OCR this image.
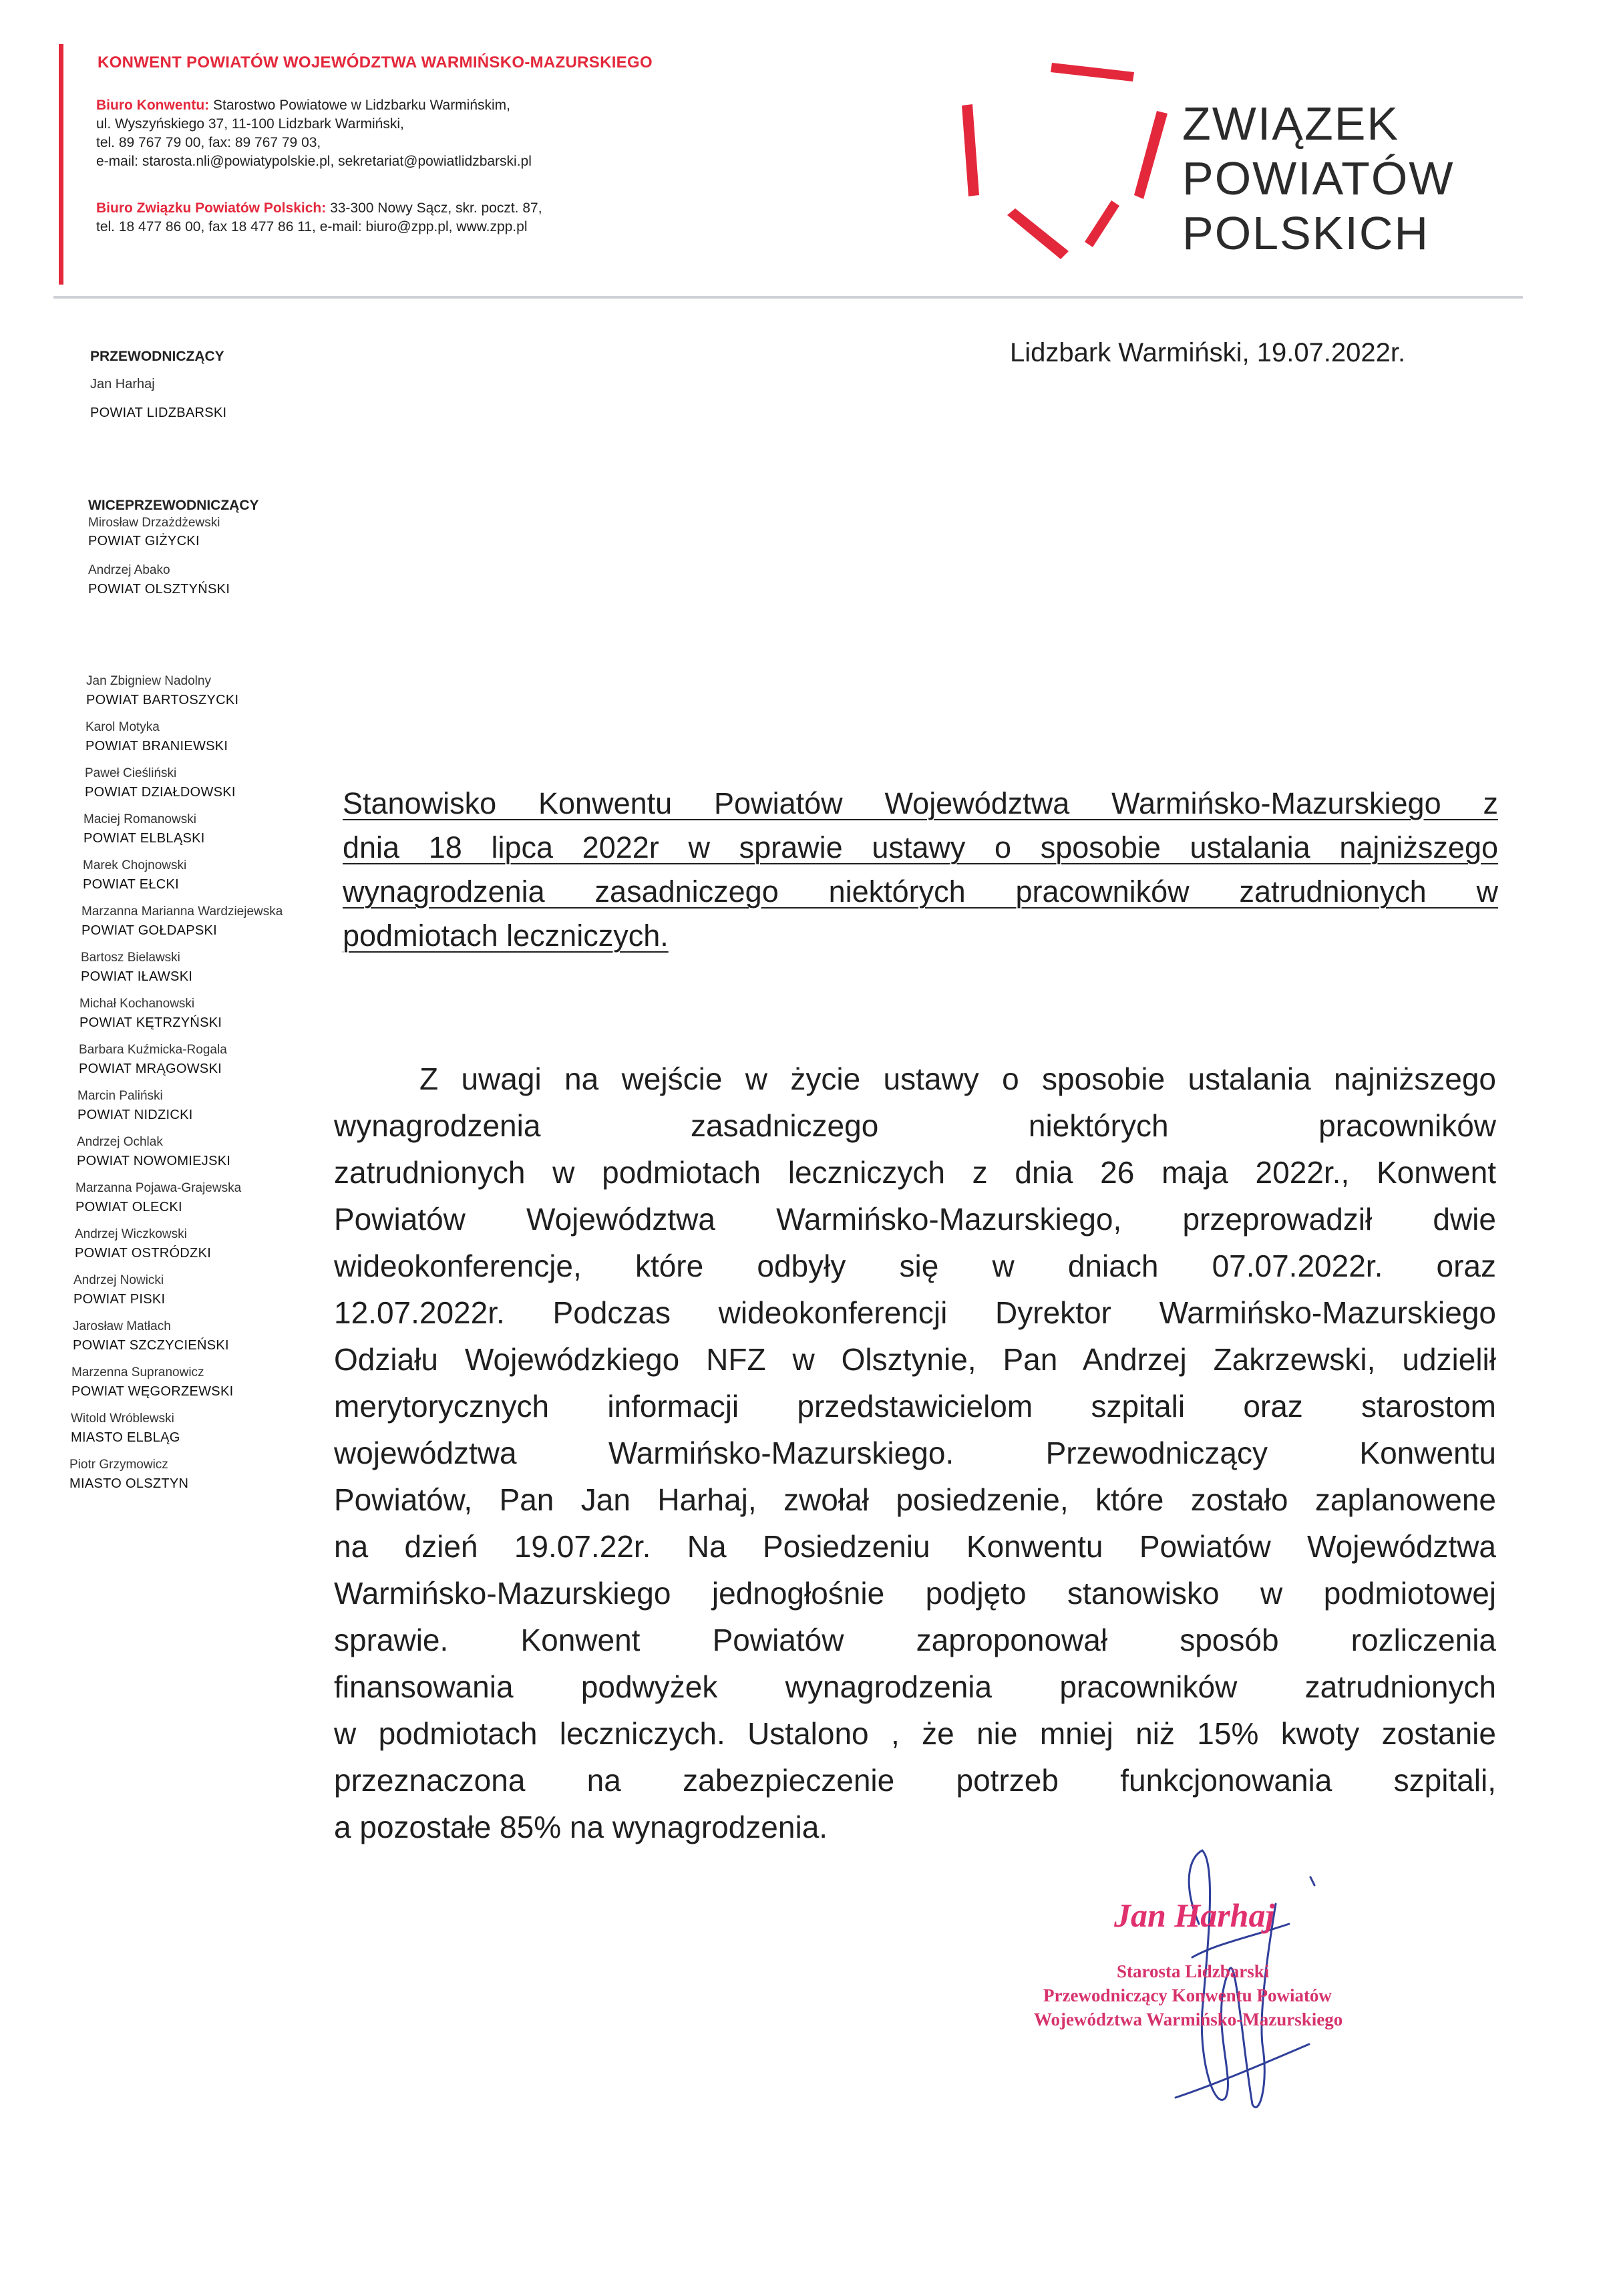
KONWENT POWIATÓW WOJEWÓDZTWA WARMIŃSKO-MAZURSKIEGO
Biuro Konwentu: Starostwo Powiatowe w Lidzbarku Warmińskim,
ul. Wyszyńskiego 37, 11-100 Lidzbark Warmiński,
tel. 89 767 79 00, fax: 89 767 79 03,
e-mail: starosta.nli@powiatypolskie.pl, sekretariat@powiatlidzbarski.pl
Biuro Związku Powiatów Polskich: 33-300 Nowy Sącz, skr. poczt. 87,
tel. 18 477 86 00, fax 18 477 86 11, e-mail: biuro@zpp.pl, www.zpp.pl
ZWIĄZEK
POWIATÓW
POLSKICH
Lidzbark Warmiński, 19.07.2022r.
PRZEWODNICZĄCY
Jan Harhaj
POWIAT LIDZBARSKI
WICEPRZEWODNICZĄCY
Mirosław Drzażdżewski
POWIAT GIŻYCKI
Andrzej Abako
POWIAT OLSZTYŃSKI
Jan Zbigniew Nadolny
POWIAT BARTOSZYCKI
Karol Motyka
POWIAT BRANIEWSKI
Paweł Cieśliński
POWIAT DZIAŁDOWSKI
Maciej Romanowski
POWIAT ELBLĄSKI
Marek Chojnowski
POWIAT EŁCKI
Marzanna Marianna Wardziejewska
POWIAT GOŁDAPSKI
Bartosz Bielawski
POWIAT IŁAWSKI
Michał Kochanowski
POWIAT KĘTRZYŃSKI
Barbara Kuźmicka-Rogala
POWIAT MRĄGOWSKI
Marcin Paliński
POWIAT NIDZICKI
Andrzej Ochlak
POWIAT NOWOMIEJSKI
Marzanna Pojawa-Grajewska
POWIAT OLECKI
Andrzej Wiczkowski
POWIAT OSTRÓDZKI
Andrzej Nowicki
POWIAT PISKI
Jarosław Matłach
POWIAT SZCZYCIEŃSKI
Marzenna Supranowicz
POWIAT WĘGORZEWSKI
Witold Wróblewski
MIASTO ELBLĄG
Piotr Grzymowicz
MIASTO OLSZTYN
Stanowisko Konwentu Powiatów Województwa Warmińsko-Mazurskiego z
dnia 18 lipca 2022r w sprawie ustawy o sposobie ustalania najniższego
wynagrodzenia zasadniczego niektórych pracowników zatrudnionych w
podmiotach leczniczych.
Z uwagi na wejście w życie ustawy o sposobie ustalania najniższego
wynagrodzenia zasadniczego niektórych pracowników
zatrudnionych w podmiotach leczniczych z dnia 26 maja 2022r., Konwent
Powiatów Województwa Warmińsko-Mazurskiego, przeprowadził dwie
wideokonferencje, które odbyły się w dniach 07.07.2022r. oraz
12.07.2022r. Podczas wideokonferencji Dyrektor Warmińsko-Mazurskiego
Odziału Wojewódzkiego NFZ w Olsztynie, Pan Andrzej Zakrzewski, udzielił
merytorycznych informacji przedstawicielom szpitali oraz starostom
województwa Warmińsko-Mazurskiego. Przewodniczący Konwentu
Powiatów, Pan Jan Harhaj, zwołał posiedzenie, które zostało zaplanowene
na dzień 19.07.22r. Na Posiedzeniu Konwentu Powiatów Województwa
Warmińsko-Mazurskiego jednogłośnie podjęto stanowisko w podmiotowej
sprawie. Konwent Powiatów zaproponował sposób rozliczenia
finansowania podwyżek wynagrodzenia pracowników zatrudnionych
w podmiotach leczniczych. Ustalono , że nie mniej niż 15% kwoty zostanie
przeznaczona na zabezpieczenie potrzeb funkcjonowania szpitali,
a pozostałe 85% na wynagrodzenia.
Jan Harhaj
Starosta Lidzbarski
Przewodniczący Konwentu Powiatów
Województwa Warmińsko-Mazurskiego
